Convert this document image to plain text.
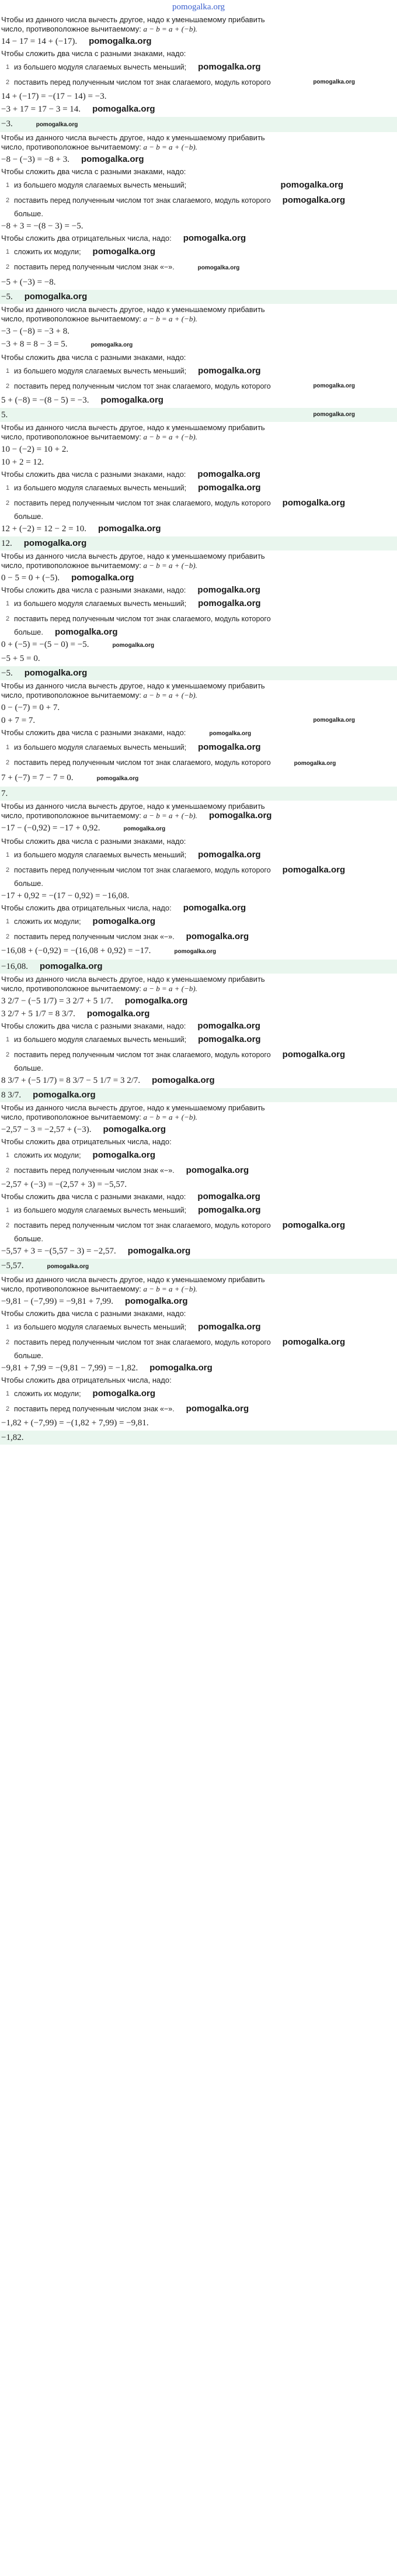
pomogalka.org
Чтобы из данного числа вычесть другое, надо к уменьшаемому прибавить
число, противоположное вычитаемому: a − b = a + (−b).
14 − 17 = 14 + (−17). pomogalka.org
Чтобы сложить два числа с разными знаками, надо:
1 из большего модуля слагаемых вычесть меньший; pomogalka.org
2 поставить перед полученным числом тот знак слагаемого, модуль которого	pomogalka.org
14 + (−17) = −(17 − 14) = −3.
−3 + 17 = 17 − 3 = 14. pomogalka.org
−3.	pomogalka.org
Чтобы из данного числа вычесть другое, надо к уменьшаемому прибавить
число, противоположное вычитаемому: a − b = a + (−b).
−8 − (−3) = −8 + 3. pomogalka.org
Чтобы сложить два числа с разными знаками, надо:
1 из большего модуля слагаемых вычесть меньший;	pomogalka.org
2 поставить перед полученным числом тот знак слагаемого, модуль которого pomogalka.org
больше.
−8 + 3 = −(8 − 3) = −5.
Чтобы сложить два отрицательных числа, надо: pomogalka.org
1 сложить их модули; pomogalka.org
2 поставить перед полученным числом знак «−».	pomogalka.org
−5 + (−3) = −8.
−5. pomogalka.org
Чтобы из данного числа вычесть другое, надо к уменьшаемому прибавить
число, противоположное вычитаемому: a − b = a + (−b).
−3 − (−8) = −3 + 8.
−3 + 8 = 8 − 3 = 5.	pomogalka.org
Чтобы сложить два числа с разными знаками, надо:
1 из большего модуля слагаемых вычесть меньший; pomogalka.org
2 поставить перед полученным числом тот знак слагаемого, модуль которого	pomogalka.org
5 + (−8) = −(8 − 5) = −3. pomogalka.org
5.	pomogalka.org
Чтобы из данного числа вычесть другое, надо к уменьшаемому прибавить
число, противоположное вычитаемому: a − b = a + (−b).
10 − (−2) = 10 + 2.
10 + 2 = 12.
Чтобы сложить два числа с разными знаками, надо: pomogalka.org
1 из большего модуля слагаемых вычесть меньший; pomogalka.org
2 поставить перед полученным числом тот знак слагаемого, модуль которого pomogalka.org
больше.
12 + (−2) = 12 − 2 = 10. pomogalka.org
12. pomogalka.org
Чтобы из данного числа вычесть другое, надо к уменьшаемому прибавить
число, противоположное вычитаемому: a − b = a + (−b).
0 − 5 = 0 + (−5). pomogalka.org
Чтобы сложить два числа с разными знаками, надо: pomogalka.org
1 из большего модуля слагаемых вычесть меньший; pomogalka.org
2 поставить перед полученным числом тот знак слагаемого, модуль которого
больше. pomogalka.org
0 + (−5) = −(5 − 0) = −5.	pomogalka.org
−5 + 5 = 0.
−5. pomogalka.org
Чтобы из данного числа вычесть другое, надо к уменьшаемому прибавить
число, противоположное вычитаемому: a − b = a + (−b).
0 − (−7) = 0 + 7.
0 + 7 = 7.	pomogalka.org
Чтобы сложить два числа с разными знаками, надо:	pomogalka.org
1 из большего модуля слагаемых вычесть меньший; pomogalka.org
2 поставить перед полученным числом тот знак слагаемого, модуль которого	pomogalka.org
7 + (−7) = 7 − 7 = 0.	pomogalka.org
7.
Чтобы из данного числа вычесть другое, надо к уменьшаемому прибавить
число, противоположное вычитаемому: a − b = a + (−b). pomogalka.org
−17 − (−0,92) = −17 + 0,92.	pomogalka.org
Чтобы сложить два числа с разными знаками, надо:
1 из большего модуля слагаемых вычесть меньший; pomogalka.org
2 поставить перед полученным числом тот знак слагаемого, модуль которого pomogalka.org
больше.
−17 + 0,92 = −(17 − 0,92) = −16,08.
Чтобы сложить два отрицательных числа, надо: pomogalka.org
1 сложить их модули; pomogalka.org
2 поставить перед полученным числом знак «−». pomogalka.org
−16,08 + (−0,92) = −(16,08 + 0,92) = −17.	pomogalka.org
−16,08. pomogalka.org
Чтобы из данного числа вычесть другое, надо к уменьшаемому прибавить
число, противоположное вычитаемому: a − b = a + (−b).
3 2/7 − (−5 1/7) = 3 2/7 + 5 1/7. pomogalka.org
3 2/7 + 5 1/7 = 8 3/7. pomogalka.org
Чтобы сложить два числа с разными знаками, надо: pomogalka.org
1 из большего модуля слагаемых вычесть меньший; pomogalka.org
2 поставить перед полученным числом тот знак слагаемого, модуль которого pomogalka.org
больше.
8 3/7 + (−5 1/7) = 8 3/7 − 5 1/7 = 3 2/7. pomogalka.org
8 3/7. pomogalka.org
Чтобы из данного числа вычесть другое, надо к уменьшаемому прибавить
число, противоположное вычитаемому: a − b = a + (−b).
−2,57 − 3 = −2,57 + (−3). pomogalka.org
Чтобы сложить два отрицательных числа, надо:
1 сложить их модули; pomogalka.org
2 поставить перед полученным числом знак «−». pomogalka.org
−2,57 + (−3) = −(2,57 + 3) = −5,57.
Чтобы сложить два числа с разными знаками, надо: pomogalka.org
1 из большего модуля слагаемых вычесть меньший; pomogalka.org
2 поставить перед полученным числом тот знак слагаемого, модуль которого pomogalka.org
больше.
−5,57 + 3 = −(5,57 − 3) = −2,57. pomogalka.org
−5,57.	pomogalka.org
Чтобы из данного числа вычесть другое, надо к уменьшаемому прибавить
число, противоположное вычитаемому: a − b = a + (−b).
−9,81 − (−7,99) = −9,81 + 7,99. pomogalka.org
Чтобы сложить два числа с разными знаками, надо:
1 из большего модуля слагаемых вычесть меньший; pomogalka.org
2 поставить перед полученным числом тот знак слагаемого, модуль которого pomogalka.org
больше.
−9,81 + 7,99 = −(9,81 − 7,99) = −1,82. pomogalka.org
Чтобы сложить два отрицательных числа, надо:
1 сложить их модули; pomogalka.org
2 поставить перед полученным числом знак «−». pomogalka.org
−1,82 + (−7,99) = −(1,82 + 7,99) = −9,81.
−1,82.
